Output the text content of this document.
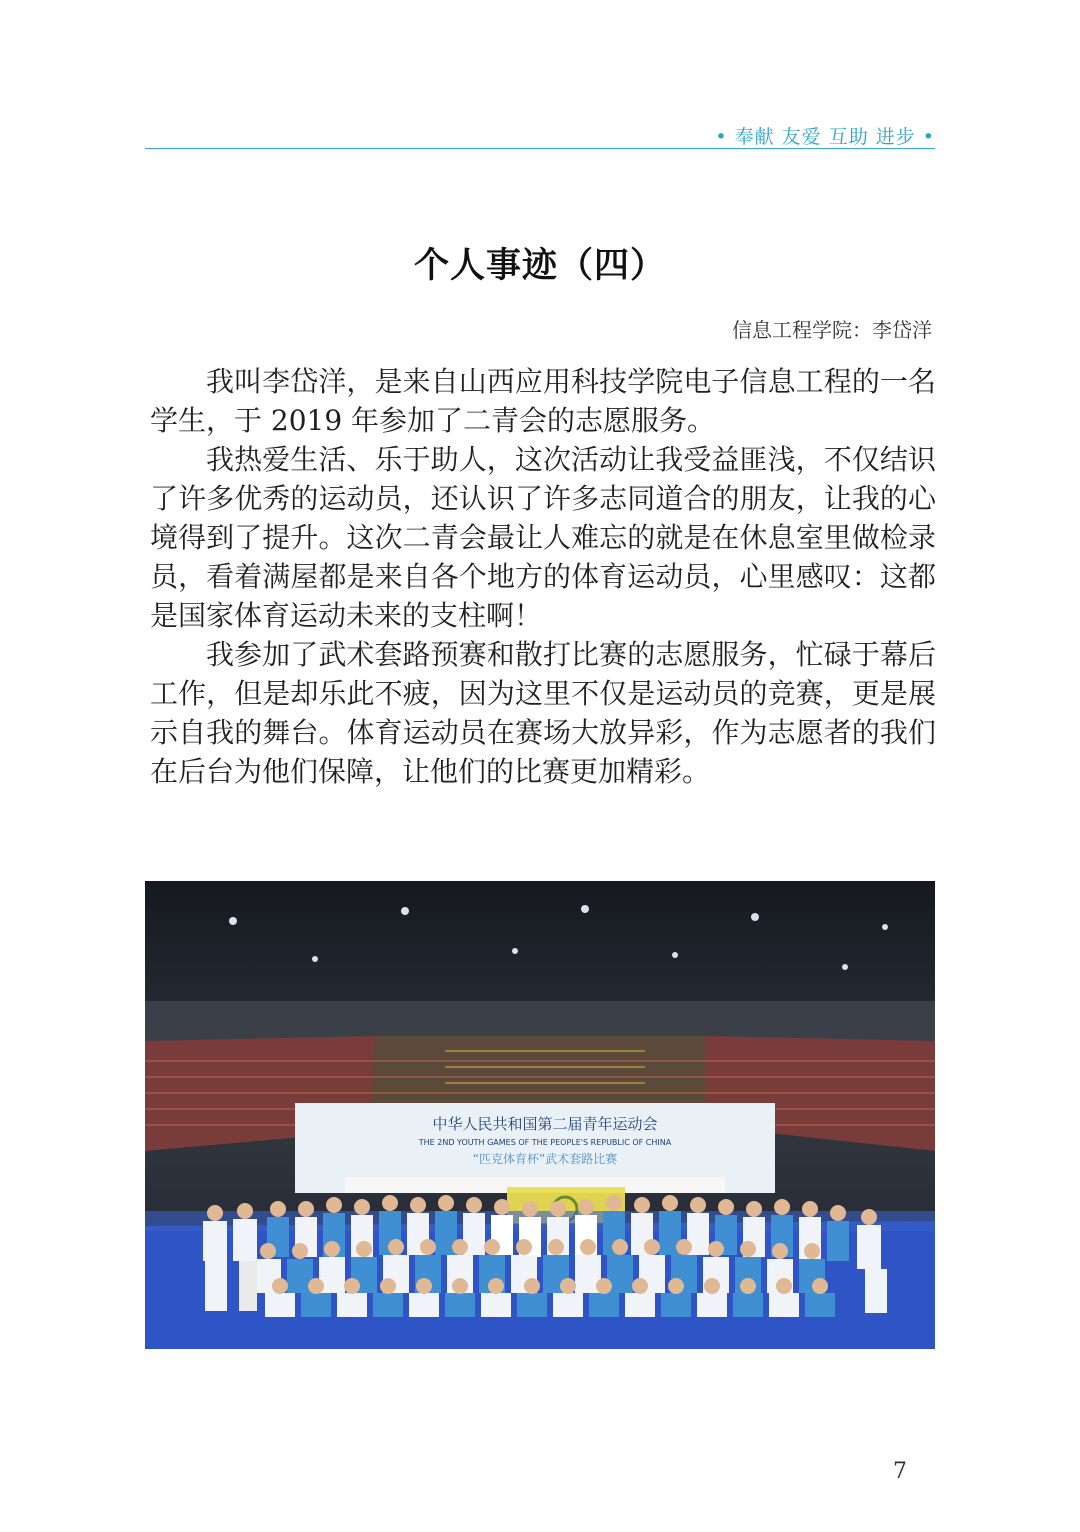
• 奉献 友爱 互助 进步 •
个人事迹（四）
信息工程学院：李岱洋

我叫李岱洋，是来自山西应用科技学院电子信息工程的一名学生，于 2019 年参加了二青会的志愿服务。

我热爱生活、乐于助人，这次活动让我受益匪浅，不仅结识了许多优秀的运动员，还认识了许多志同道合的朋友，让我的心境得到了提升。这次二青会最让人难忘的就是在休息室里做检录员，看着满屋都是来自各个地方的体育运动员，心里感叹：这都是国家体育运动未来的支柱啊！

我参加了武术套路预赛和散打比赛的志愿服务，忙碌于幕后工作，但是却乐此不疲，因为这里不仅是运动员的竞赛，更是展示自我的舞台。体育运动员在赛场大放异彩，作为志愿者的我们在后台为他们保障，让他们的比赛更加精彩。

中华人民共和国第二届青年运动会
THE 2ND YOUTH GAMES OF THE PEOPLE'S REPUBLIC OF CHINA
“匹克体育杯”武术套路比赛
7
